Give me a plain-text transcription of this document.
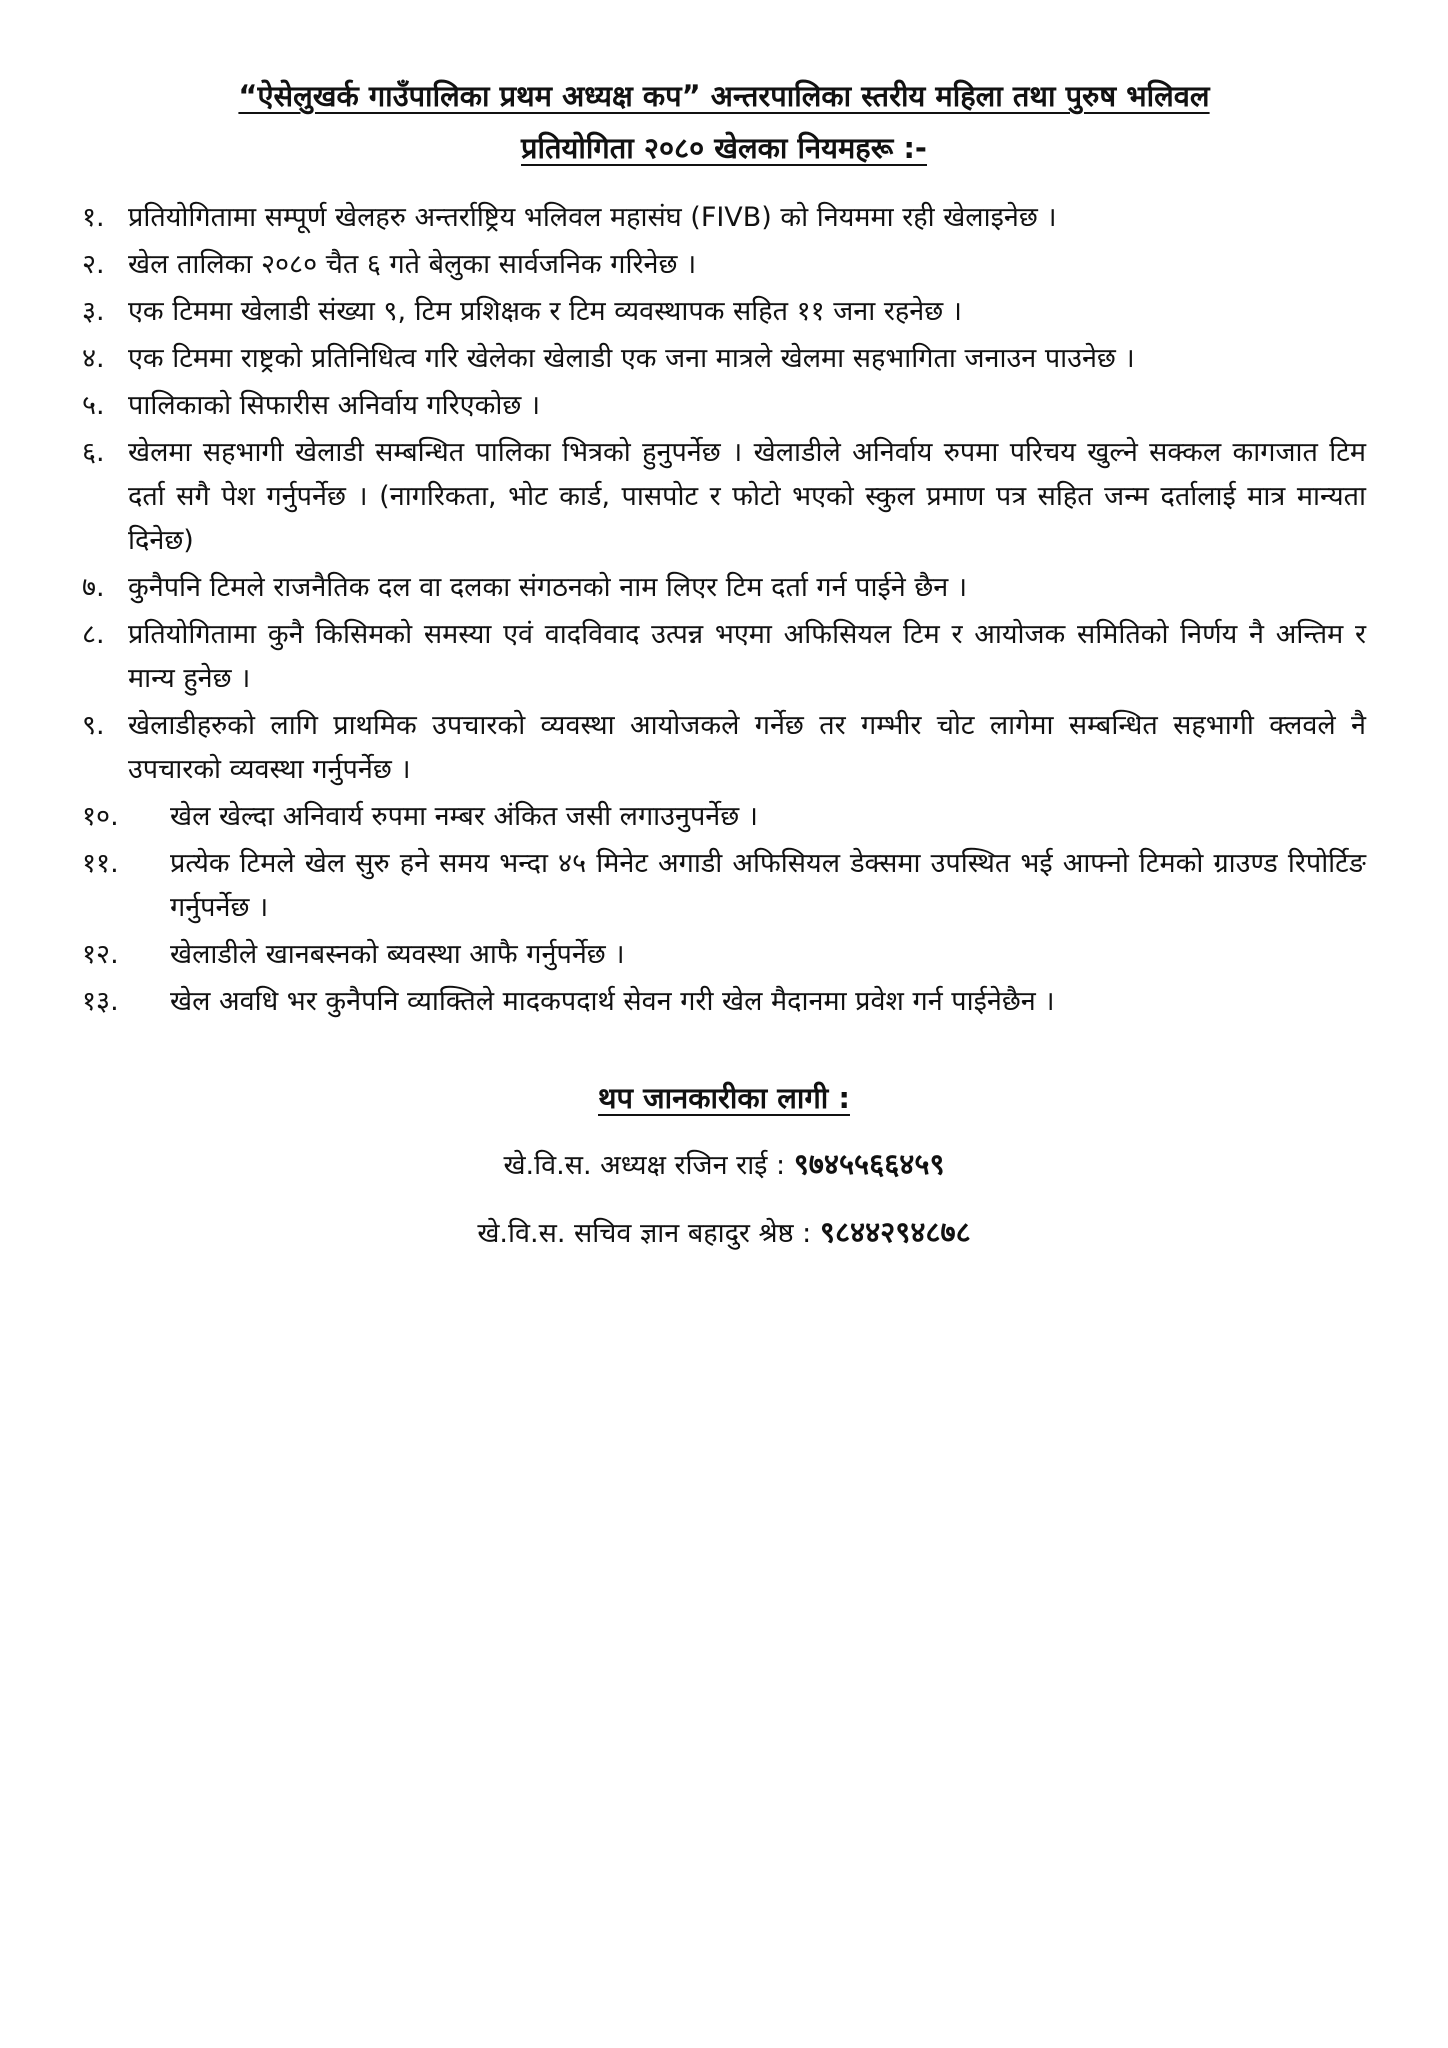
“ऐसेलुखर्क गाउँपालिका प्रथम अध्यक्ष कप” अन्तरपालिका स्तरीय महिला तथा पुरुष भलिवल
प्रतियोगिता २०८० खेलका नियमहरू :-
१. प्रतियोगितामा सम्पूर्ण खेलहरु अन्तर्राष्ट्रिय भलिवल महासंघ (FIVB) को नियममा रही खेलाइनेछ ।
२. खेल तालिका २०८० चैत ६ गते बेलुका सार्वजनिक गरिनेछ ।
३. एक टिममा खेलाडी संख्या ९, टिम प्रशिक्षक र टिम व्यवस्थापक सहित ११ जना रहनेछ ।
४. एक टिममा राष्ट्रको प्रतिनिधित्व गरि खेलेका खेलाडी एक जना मात्रले खेलमा सहभागिता जनाउन पाउनेछ ।
५. पालिकाको सिफारीस अनिर्वाय गरिएकोछ ।
६. खेलमा सहभागी खेलाडी सम्बन्धित पालिका भित्रको हुनुपर्नेछ । खेलाडीले अनिर्वाय रुपमा परिचय खुल्ने सक्कल कागजात टिम दर्ता सगै पेश गर्नुपर्नेछ । (नागरिकता, भोट कार्ड, पासपोट र फोटो भएको स्कुल प्रमाण पत्र सहित जन्म दर्तालाई मात्र मान्यता दिनेछ)
७. कुनैपनि टिमले राजनैतिक दल वा दलका संगठनको नाम लिएर टिम दर्ता गर्न पाईने छैन ।
८. प्रतियोगितामा कुनै किसिमको समस्या एवं वादविवाद उत्पन्न भएमा अफिसियल टिम र आयोजक समितिको निर्णय नै अन्तिम र मान्य हुनेछ ।
९. खेलाडीहरुको लागि प्राथमिक उपचारको व्यवस्था आयोजकले गर्नेछ तर गम्भीर चोट लागेमा सम्बन्धित सहभागी क्लवले नै उपचारको व्यवस्था गर्नुपर्नेछ ।
१०.	खेल खेल्दा अनिवार्य रुपमा नम्बर अंकित जसी लगाउनुपर्नेछ ।
११.	प्रत्येक टिमले खेल सुरु हने समय भन्दा ४५ मिनेट अगाडी अफिसियल डेक्समा उपस्थित भई आफ्नो टिमको ग्राउण्ड रिपोर्टिङ गर्नुपर्नेछ ।
१२.	खेलाडीले खानबस्नको ब्यवस्था आफै गर्नुपर्नेछ ।
१३.	खेल अवधि भर कुनैपनि व्याक्तिले मादकपदार्थ सेवन गरी खेल मैदानमा प्रवेश गर्न पाईनेछैन ।
थप जानकारीका लागी :
खे.वि.स. अध्यक्ष रजिन राई : ९७४५५६६४५९
खे.वि.स. सचिव ज्ञान बहादुर श्रेष्ठ : ९८४४२९४८७८
